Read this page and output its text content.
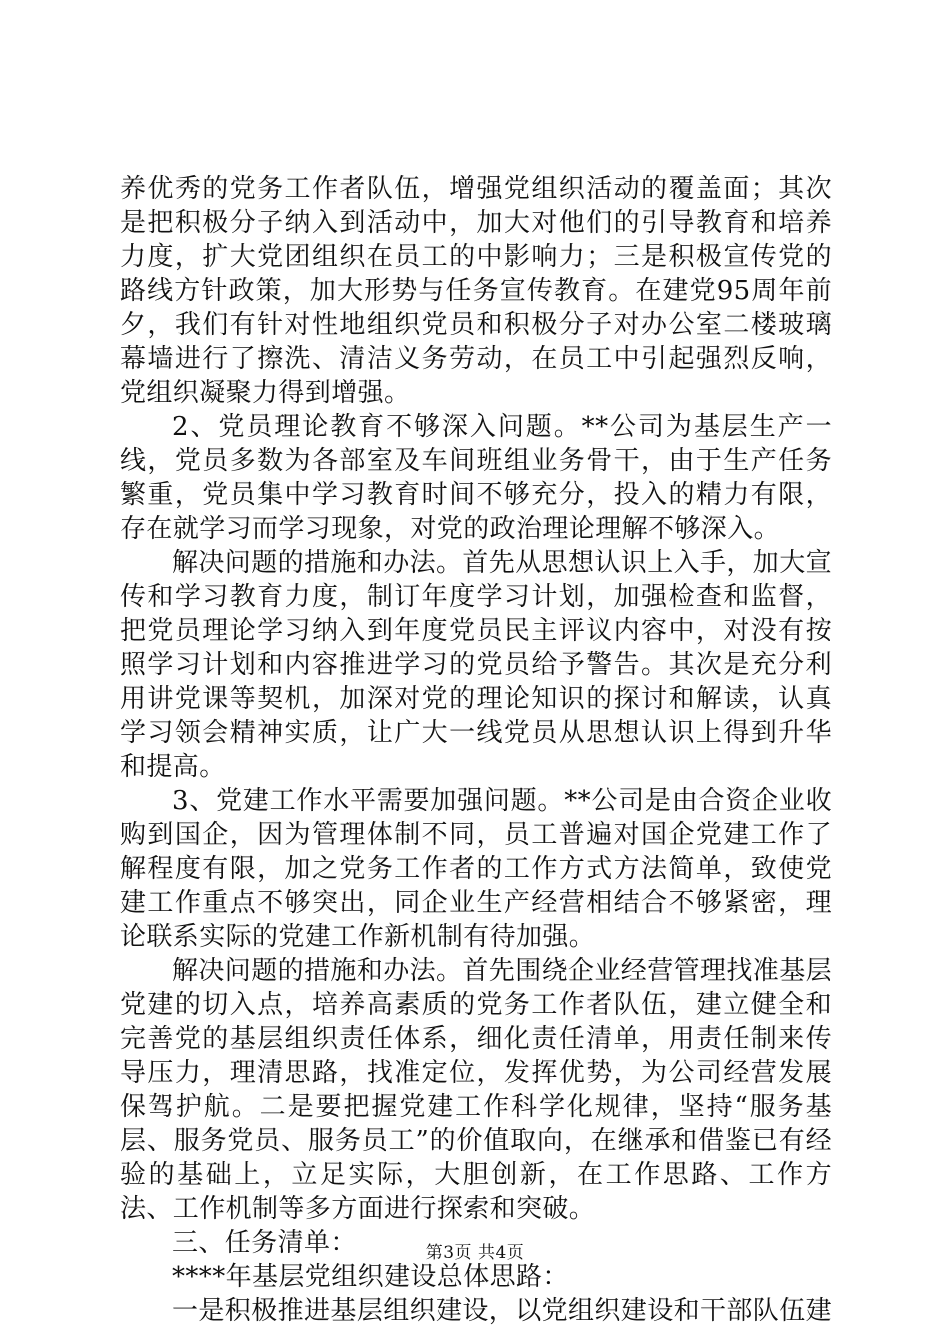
养优秀的党务工作者队伍，增强党组织活动的覆盖面；其次是把积极分子纳入到活动中，加大对他们的引导教育和培养力度，扩大党团组织在员工的中影响力；三是积极宣传党的路线方针政策，加大形势与任务宣传教育。在建党95周年前夕，我们有针对性地组织党员和积极分子对办公室二楼玻璃幕墙进行了擦洗、清洁义务劳动，在员工中引起强烈反响，党组织凝聚力得到增强。

2、党员理论教育不够深入问题。**公司为基层生产一线，党员多数为各部室及车间班组业务骨干，由于生产任务繁重，党员集中学习教育时间不够充分，投入的精力有限，存在就学习而学习现象，对党的政治理论理解不够深入。

解决问题的措施和办法。首先从思想认识上入手，加大宣传和学习教育力度，制订年度学习计划，加强检查和监督，把党员理论学习纳入到年度党员民主评议内容中，对没有按照学习计划和内容推进学习的党员给予警告。其次是充分利用讲党课等契机，加深对党的理论知识的探讨和解读，认真学习领会精神实质，让广大一线党员从思想认识上得到升华和提高。

3、党建工作水平需要加强问题。**公司是由合资企业收购到国企，因为管理体制不同，员工普遍对国企党建工作了解程度有限，加之党务工作者的工作方式方法简单，致使党建工作重点不够突出，同企业生产经营相结合不够紧密，理论联系实际的党建工作新机制有待加强。

解决问题的措施和办法。首先围绕企业经营管理找准基层党建的切入点，培养高素质的党务工作者队伍，建立健全和完善党的基层组织责任体系，细化责任清单，用责任制来传导压力，理清思路，找准定位，发挥优势，为公司经营发展保驾护航。二是要把握党建工作科学化规律，坚持“服务基层、服务党员、服务员工”的价值取向，在继承和借鉴已有经验的基础上，立足实际，大胆创新，在工作思路、工作方法、工作机制等多方面进行探索和突破。

三、任务清单：

****年基层党组织建设总体思路：

一是积极推进基层组织建设，以党组织建设和干部队伍建

第3页 共4页
